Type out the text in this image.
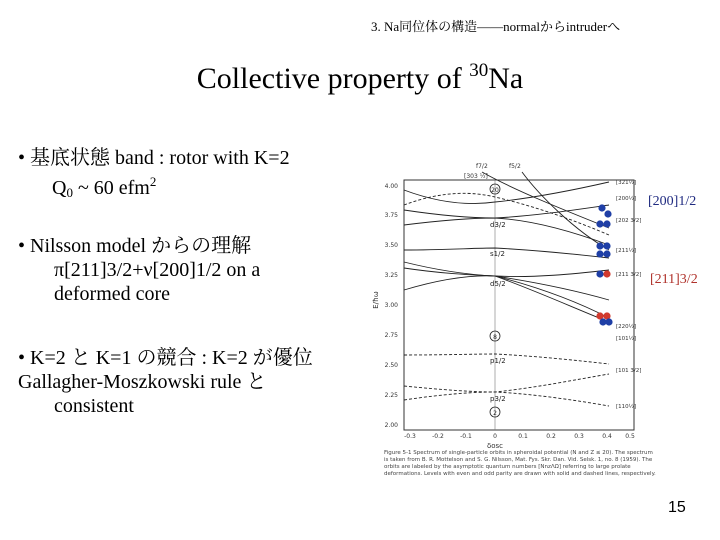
3. Na同位体の構造――normalからintruderへ
Collective property of $^{30}$Na
• 基底状態 band : rotor with K=2
$Q_0$ ~ 60 efm$^2$
• Nilsson model からの理解
π[211]3/2+ν[200]1/2 on a
deformed core
• K=2 と K=1 の競合 : K=2 が優位
Gallagher-Moszkowski rule と
consistent
4.00
3.75
3.50
3.25
3.00
2.75
2.50
2.25
2.00
-0.3	-0.2	-0.1	0	0.1	0.2	0.3	0.4 0.5
δosc
E/ħω
f7/2	f5/2
[303 ½]
20
d3/2
s1/2
d5/2
p1/2
p3/2
8
2
[321½]
[200½]
[202 3/2]
[211½]
[211 3/2]
[220½]
[101½]
[101 3/2]
[110½]
[200]1/2
[211]3/2
Figure 5-1 Spectrum of single-particle orbits in spheroidal potential (N and Z ≤ 20). The spectrum is taken from B. R. Mottelson and S. G. Nilsson, Mat. Fys. Skr. Dan. Vid. Selsk. 1, no. 8 (1959). The orbits are labeled by the asymptotic quantum numbers [NnzΛΩ] referring to large prolate deformations. Levels with even and odd parity are drawn with solid and dashed lines, respectively.
15
